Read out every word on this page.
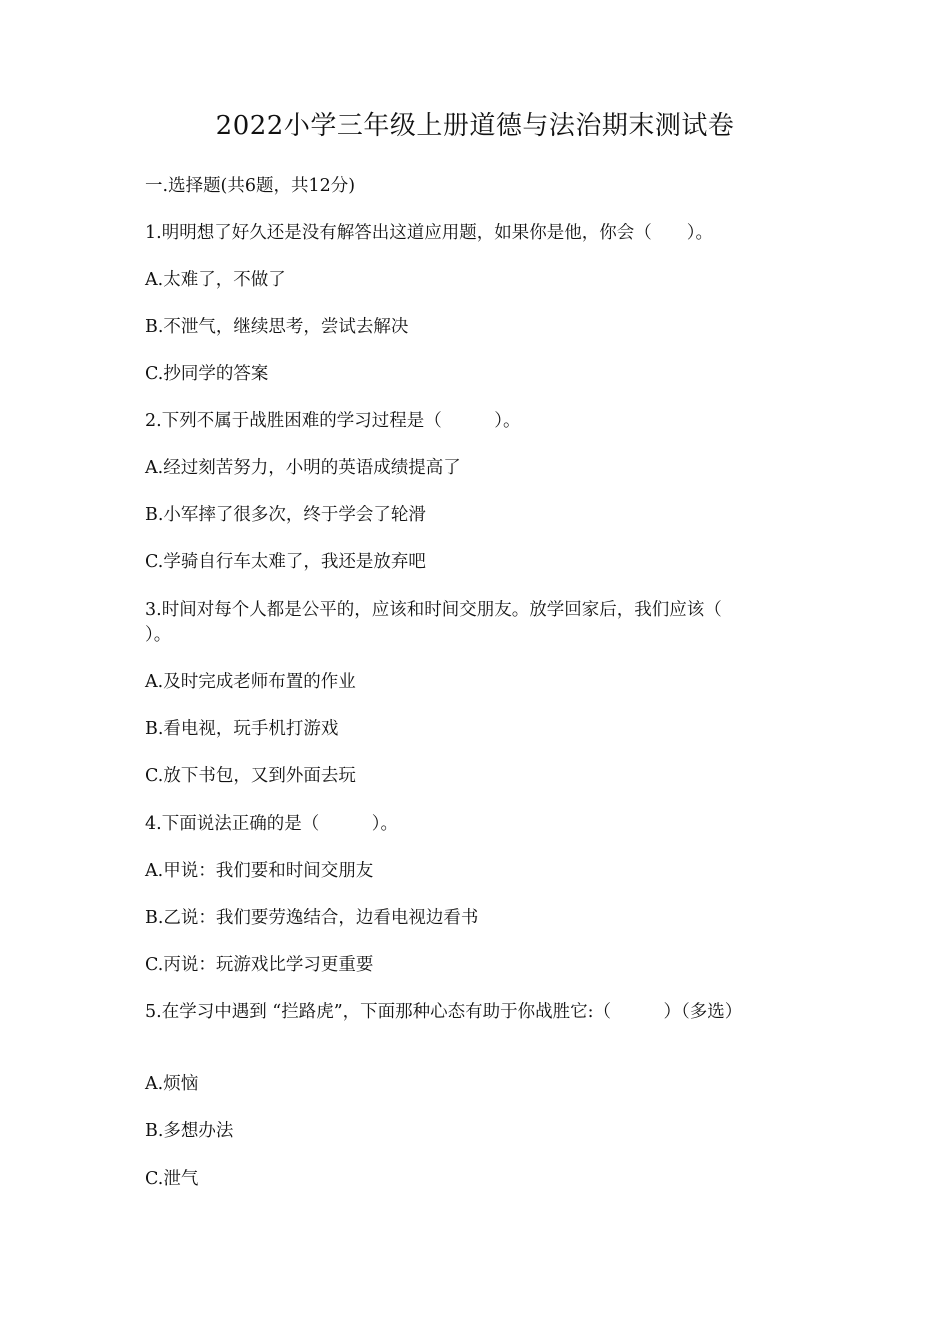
2022小学三年级上册道德与法治期末测试卷
一.选择题(共6题，共12分)
1.明明想了好久还是没有解答出这道应用题，如果你是他，你会（　　）。
A.太难了，不做了
B.不泄气，继续思考，尝试去解决
C.抄同学的答案
2.下列不属于战胜困难的学习过程是（　　　）。
A.经过刻苦努力，小明的英语成绩提高了
B.小军摔了很多次，终于学会了轮滑
C.学骑自行车太难了，我还是放弃吧
3.时间对每个人都是公平的，应该和时间交朋友。放学回家后，我们应该（　　　）。
A.及时完成老师布置的作业
B.看电视，玩手机打游戏
C.放下书包，又到外面去玩
4.下面说法正确的是（　　　）。
A.甲说：我们要和时间交朋友
B.乙说：我们要劳逸结合，边看电视边看书
C.丙说：玩游戏比学习更重要
5.在学习中遇到 “拦路虎”，下面那种心态有助于你战胜它:（　　　）（多选）
A.烦恼
B.多想办法
C.泄气
